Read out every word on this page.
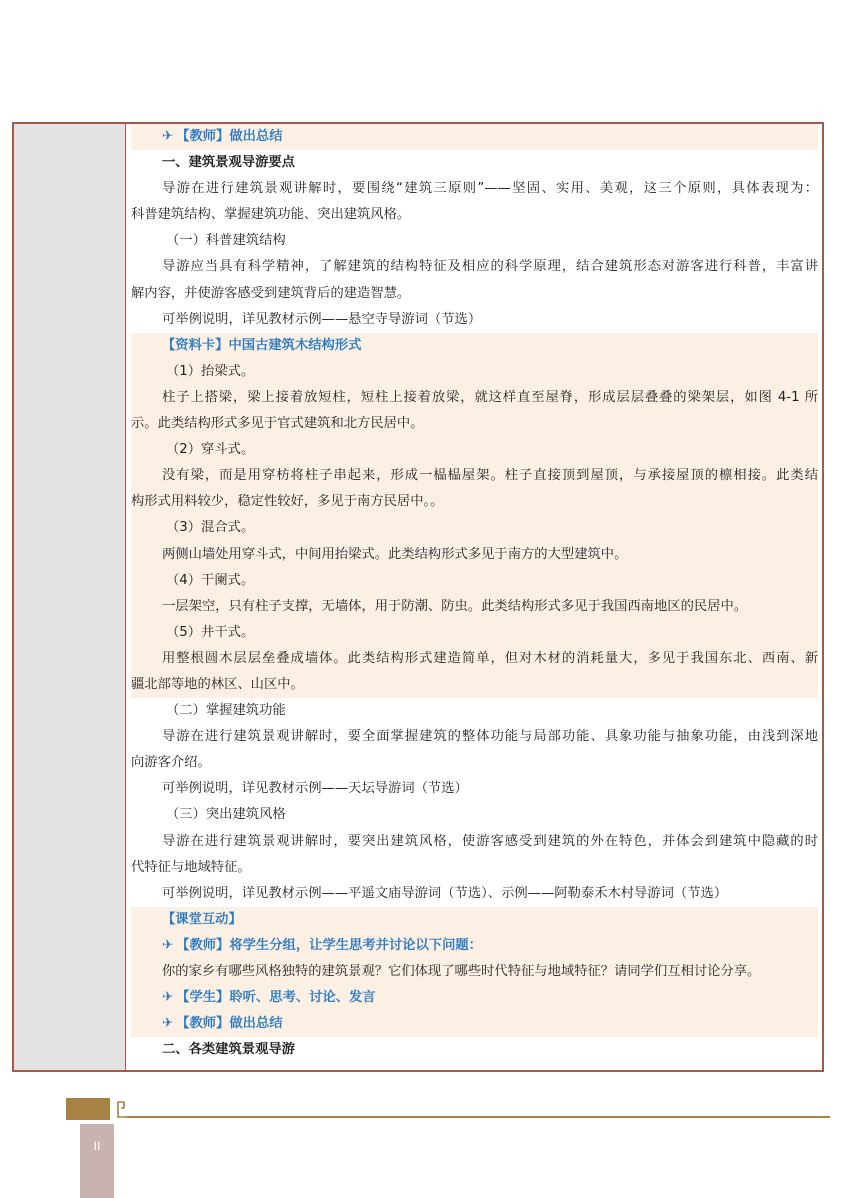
✈ 【教师】做出总结
一、建筑景观导游要点
导游在进行建筑景观讲解时，要围绕“建筑三原则”——坚固、实用、美观，这三个原则，具体表现为：
科普建筑结构、掌握建筑功能、突出建筑风格。
（一）科普建筑结构
导游应当具有科学精神，了解建筑的结构特征及相应的科学原理，结合建筑形态对游客进行科普，丰富讲
解内容，并使游客感受到建筑背后的建造智慧。
可举例说明，详见教材示例——悬空寺导游词（节选）
【资料卡】中国古建筑木结构形式
（1）抬梁式。
柱子上搭梁，梁上接着放短柱，短柱上接着放梁，就这样直至屋脊，形成层层叠叠的梁架层，如图 4-1 所
示。此类结构形式多见于官式建筑和北方民居中。
（2）穿斗式。
没有梁，而是用穿枋将柱子串起来，形成一榀榀屋架。柱子直接顶到屋顶，与承接屋顶的檩相接。此类结
构形式用料较少，稳定性较好，多见于南方民居中。。
（3）混合式。
两侧山墙处用穿斗式，中间用抬梁式。此类结构形式多见于南方的大型建筑中。
（4）干阑式。
一层架空，只有柱子支撑，无墙体，用于防潮、防虫。此类结构形式多见于我国西南地区的民居中。
（5）井干式。
用整根圆木层层垒叠成墙体。此类结构形式建造简单，但对木材的消耗量大，多见于我国东北、西南、新
疆北部等地的林区、山区中。
（二）掌握建筑功能
导游在进行建筑景观讲解时，要全面掌握建筑的整体功能与局部功能、具象功能与抽象功能，由浅到深地
向游客介绍。
可举例说明，详见教材示例——天坛导游词（节选）
（三）突出建筑风格
导游在进行建筑景观讲解时，要突出建筑风格，使游客感受到建筑的外在特色，并体会到建筑中隐藏的时
代特征与地域特征。
可举例说明，详见教材示例——平遥文庙导游词（节选）、示例——阿勒泰禾木村导游词（节选）
【课堂互动】
✈ 【教师】将学生分组，让学生思考并讨论以下问题：
你的家乡有哪些风格独特的建筑景观？它们体现了哪些时代特征与地域特征？请同学们互相讨论分享。
✈ 【学生】聆听、思考、讨论、发言
✈ 【教师】做出总结
二、各类建筑景观导游
II
